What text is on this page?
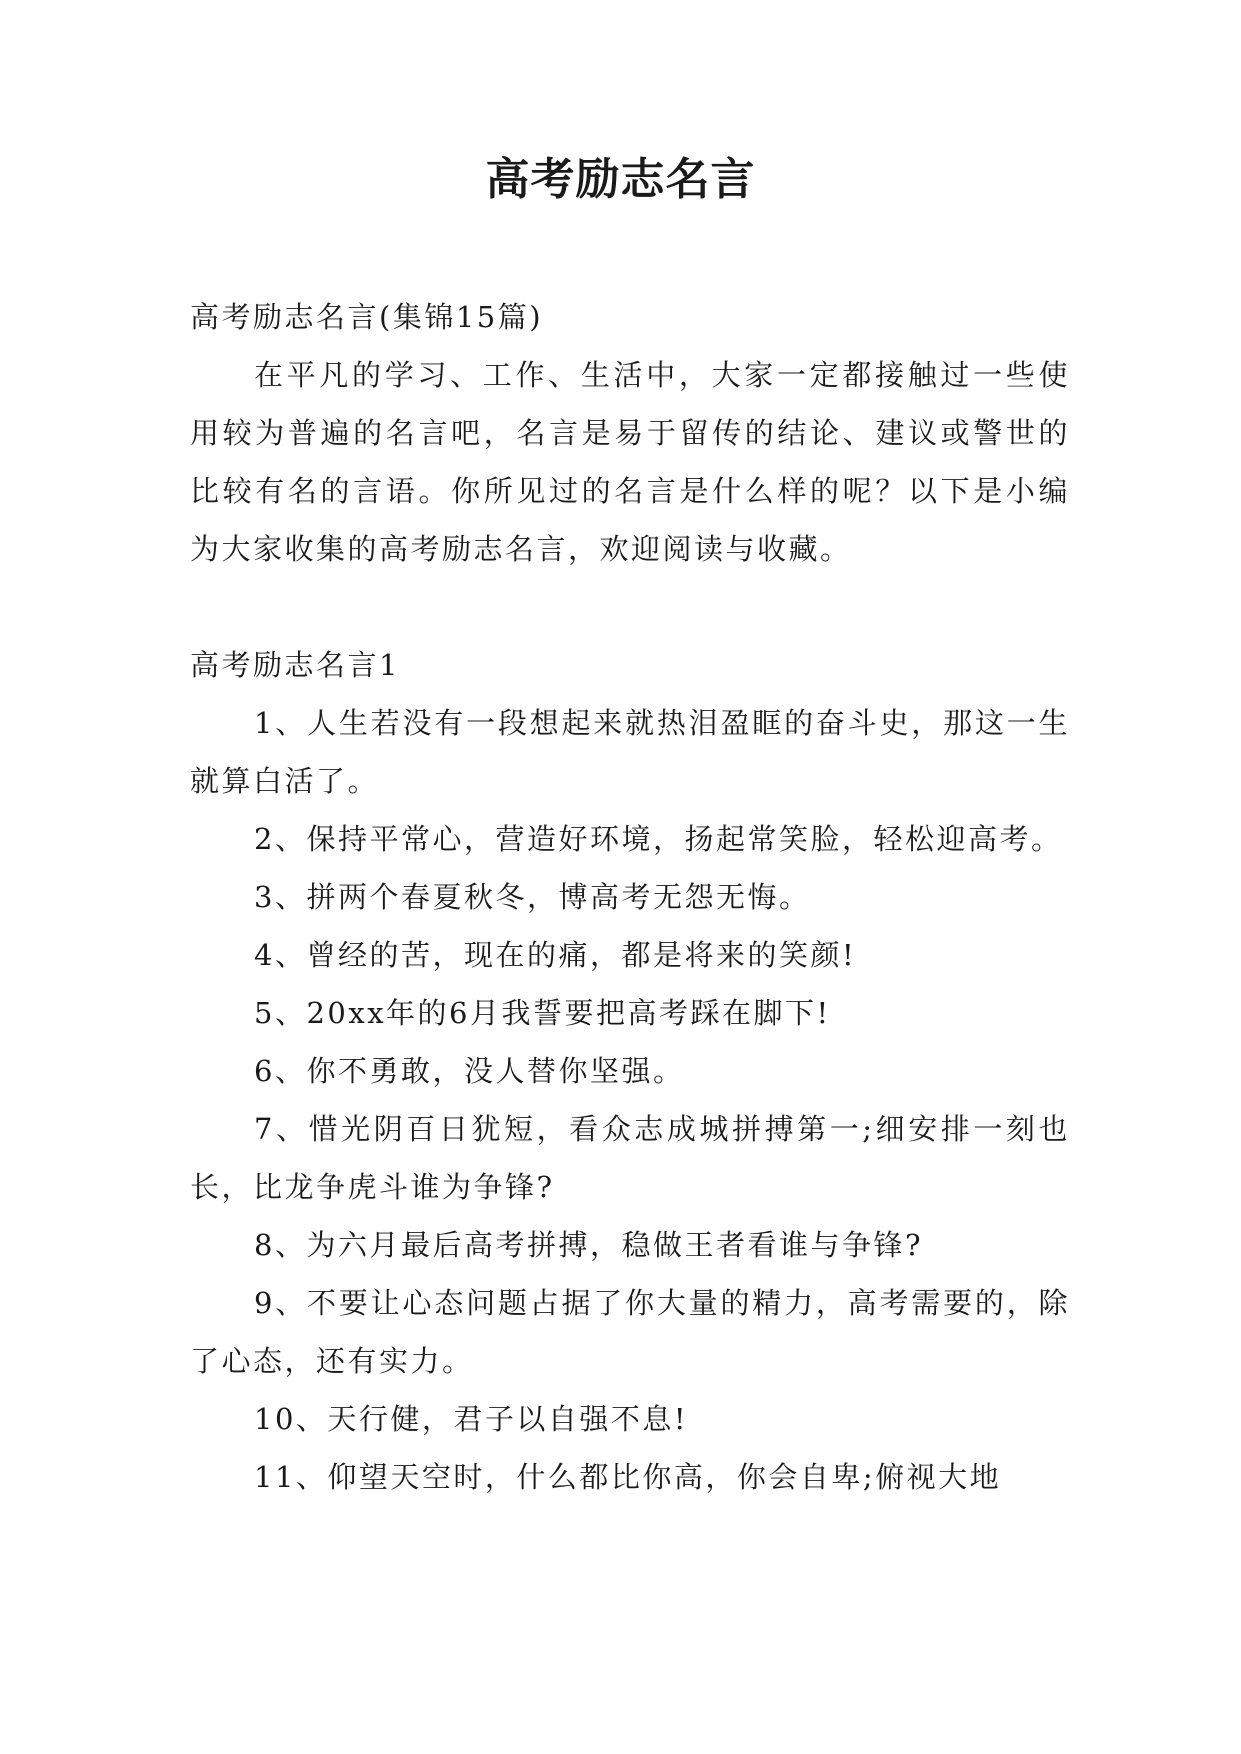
高考励志名言

高考励志名言(集锦15篇)

在平凡的学习、工作、生活中，大家一定都接触过一些使用较为普遍的名言吧，名言是易于留传的结论、建议或警世的比较有名的言语。你所见过的名言是什么样的呢？以下是小编为大家收集的高考励志名言，欢迎阅读与收藏。

高考励志名言1

1、人生若没有一段想起来就热泪盈眶的奋斗史，那这一生就算白活了。

2、保持平常心，营造好环境，扬起常笑脸，轻松迎高考。

3、拼两个春夏秋冬，博高考无怨无悔。

4、曾经的苦，现在的痛，都是将来的笑颜!

5、20xx年的6月我誓要把高考踩在脚下!

6、你不勇敢，没人替你坚强。

7、惜光阴百日犹短，看众志成城拼搏第一;细安排一刻也长，比龙争虎斗谁为争锋?

8、为六月最后高考拼搏，稳做王者看谁与争锋?

9、不要让心态问题占据了你大量的精力，高考需要的，除了心态，还有实力。

10、天行健，君子以自强不息!

11、仰望天空时，什么都比你高，你会自卑;俯视大地
